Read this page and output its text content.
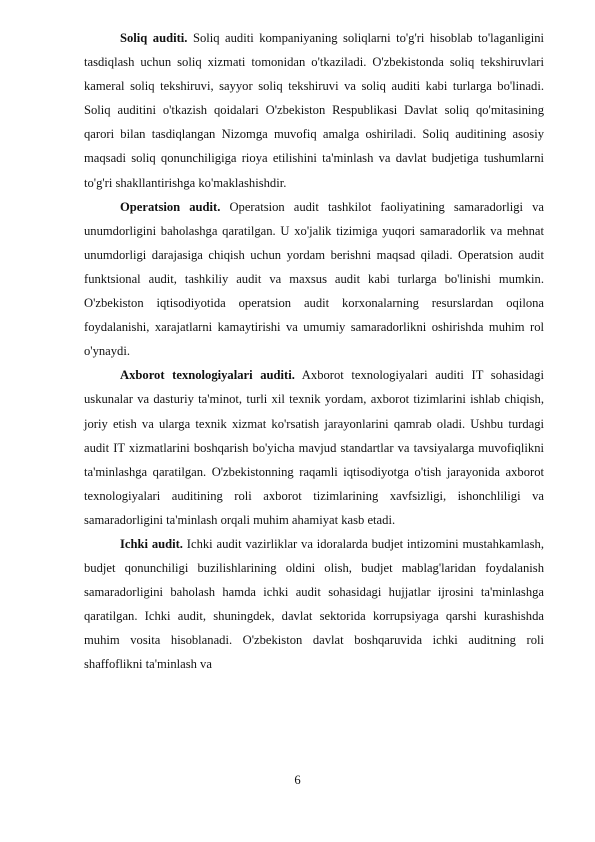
Soliq auditi. Soliq auditi kompaniyaning soliqlarni to'g'ri hisoblab to'laganligini tasdiqlash uchun soliq xizmati tomonidan o'tkaziladi. O'zbekistonda soliq tekshiruvlari kameral soliq tekshiruvi, sayyor soliq tekshiruvi va soliq auditi kabi turlarga bo'linadi. Soliq auditini o'tkazish qoidalari O'zbekiston Respublikasi Davlat soliq qo'mitasining qarori bilan tasdiqlangan Nizomga muvofiq amalga oshiriladi. Soliq auditining asosiy maqsadi soliq qonunchiligiga rioya etilishini ta'minlash va davlat budjetiga tushumlarni to'g'ri shakllantirishga ko'maklashishdir.

Operatsion audit. Operatsion audit tashkilot faoliyatining samaradorligi va unumdorligini baholashga qaratilgan. U xo'jalik tizimiga yuqori samaradorlik va mehnat unumdorligi darajasiga chiqish uchun yordam berishni maqsad qiladi. Operatsion audit funktsional audit, tashkiliy audit va maxsus audit kabi turlarga bo'linishi mumkin. O'zbekiston iqtisodiyotida operatsion audit korxonalarning resurslardan oqilona foydalanishi, xarajatlarni kamaytirishi va umumiy samaradorlikni oshirishda muhim rol o'ynaydi.

Axborot texnologiyalari auditi. Axborot texnologiyalari auditi IT sohasidagi uskunalar va dasturiy ta'minot, turli xil texnik yordam, axborot tizimlarini ishlab chiqish, joriy etish va ularga texnik xizmat ko'rsatish jarayonlarini qamrab oladi. Ushbu turdagi audit IT xizmatlarini boshqarish bo'yicha mavjud standartlar va tavsiyalarga muvofiqlikni ta'minlashga qaratilgan. O'zbekistonning raqamli iqtisodiyotga o'tish jarayonida axborot texnologiyalari auditining roli axborot tizimlarining xavfsizligi, ishonchliligi va samaradorligini ta'minlash orqali muhim ahamiyat kasb etadi.

Ichki audit. Ichki audit vazirliklar va idoralarda budjet intizomini mustahkamlash, budjet qonunchiligi buzilishlarining oldini olish, budjet mablag'laridan foydalanish samaradorligini baholash hamda ichki audit sohasidagi hujjatlar ijrosini ta'minlashga qaratilgan. Ichki audit, shuningdek, davlat sektorida korrupsiyaga qarshi kurashishda muhim vosita hisoblanadi. O'zbekiston davlat boshqaruvida ichki auditning roli shaffoflikni ta'minlash va

6
